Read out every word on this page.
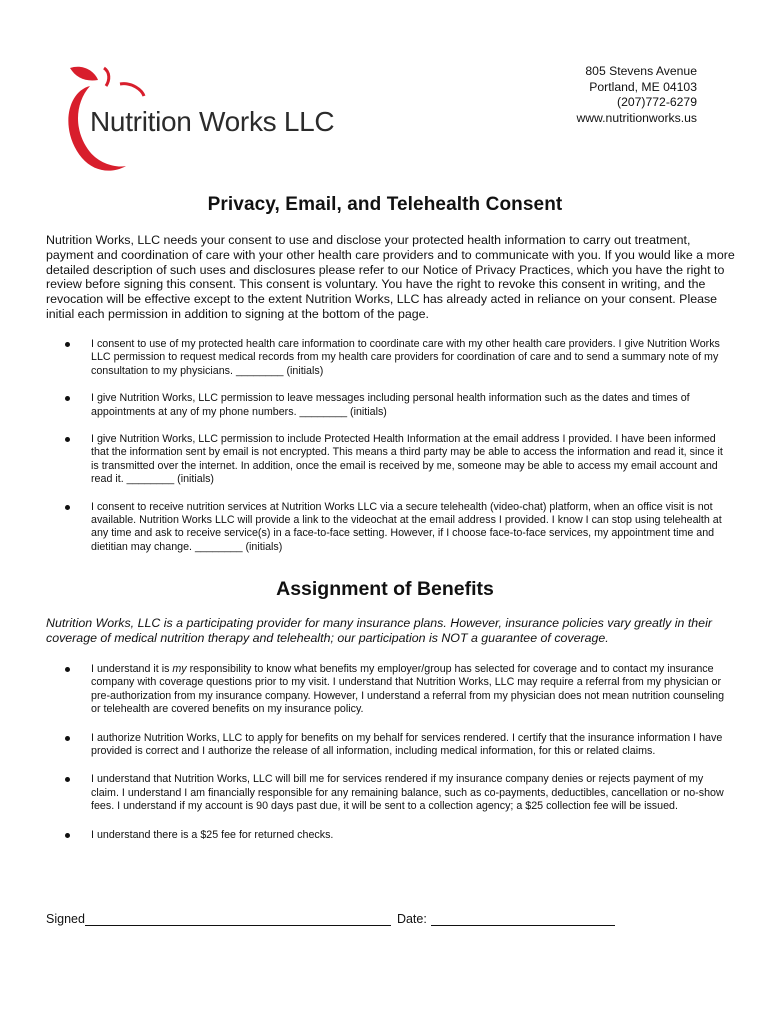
Nutrition Works LLC
805 Stevens Avenue
Portland, ME 04103
(207)772-6279
www.nutritionworks.us
Privacy, Email, and Telehealth Consent

Nutrition Works, LLC needs your consent to use and disclose your protected health information to carry out treatment, payment and coordination of care with your other health care providers and to communicate with you. If you would like a more detailed description of such uses and disclosures please refer to our Notice of Privacy Practices, which you have the right to review before signing this consent. This consent is voluntary. You have the right to revoke this consent in writing, and the revocation will be effective except to the extent Nutrition Works, LLC has already acted in reliance on your consent. Please initial each permission in addition to signing at the bottom of the page.

I consent to use of my protected health care information to coordinate care with my other health care providers. I give Nutrition Works LLC permission to request medical records from my health care providers for coordination of care and to send a summary note of my consultation to my physicians. ________ (initials)
I give Nutrition Works, LLC permission to leave messages including personal health information such as the dates and times of appointments at any of my phone numbers. ________ (initials)
I give Nutrition Works, LLC permission to include Protected Health Information at the email address I provided. I have been informed that the information sent by email is not encrypted. This means a third party may be able to access the information and read it, since it is transmitted over the internet. In addition, once the email is received by me, someone may be able to access my email account and read it. ________ (initials)
I consent to receive nutrition services at Nutrition Works LLC via a secure telehealth (video-chat) platform, when an office visit is not available. Nutrition Works LLC will provide a link to the videochat at the email address I provided. I know I can stop using telehealth at any time and ask to receive service(s) in a face-to-face setting. However, if I choose face-to-face services, my appointment time and dietitian may change. ________ (initials)
Assignment of Benefits

Nutrition Works, LLC is a participating provider for many insurance plans. However, insurance policies vary greatly in their coverage of medical nutrition therapy and telehealth; our participation is NOT a guarantee of coverage.

I understand it is my responsibility to know what benefits my employer/group has selected for coverage and to contact my insurance company with coverage questions prior to my visit. I understand that Nutrition Works, LLC may require a referral from my physician or pre-authorization from my insurance company. However, I understand a referral from my physician does not mean nutrition counseling or telehealth are covered benefits on my insurance policy.
I authorize Nutrition Works, LLC to apply for benefits on my behalf for services rendered. I certify that the insurance information I have provided is correct and I authorize the release of all information, including medical information, for this or related claims.
I understand that Nutrition Works, LLC will bill me for services rendered if my insurance company denies or rejects payment of my claim. I understand I am financially responsible for any remaining balance, such as co-payments, deductibles, cancellation or no-show fees. I understand if my account is 90 days past due, it will be sent to a collection agency; a $25 collection fee will be issued.
I understand there is a $25 fee for returned checks.
Signed	Date:
